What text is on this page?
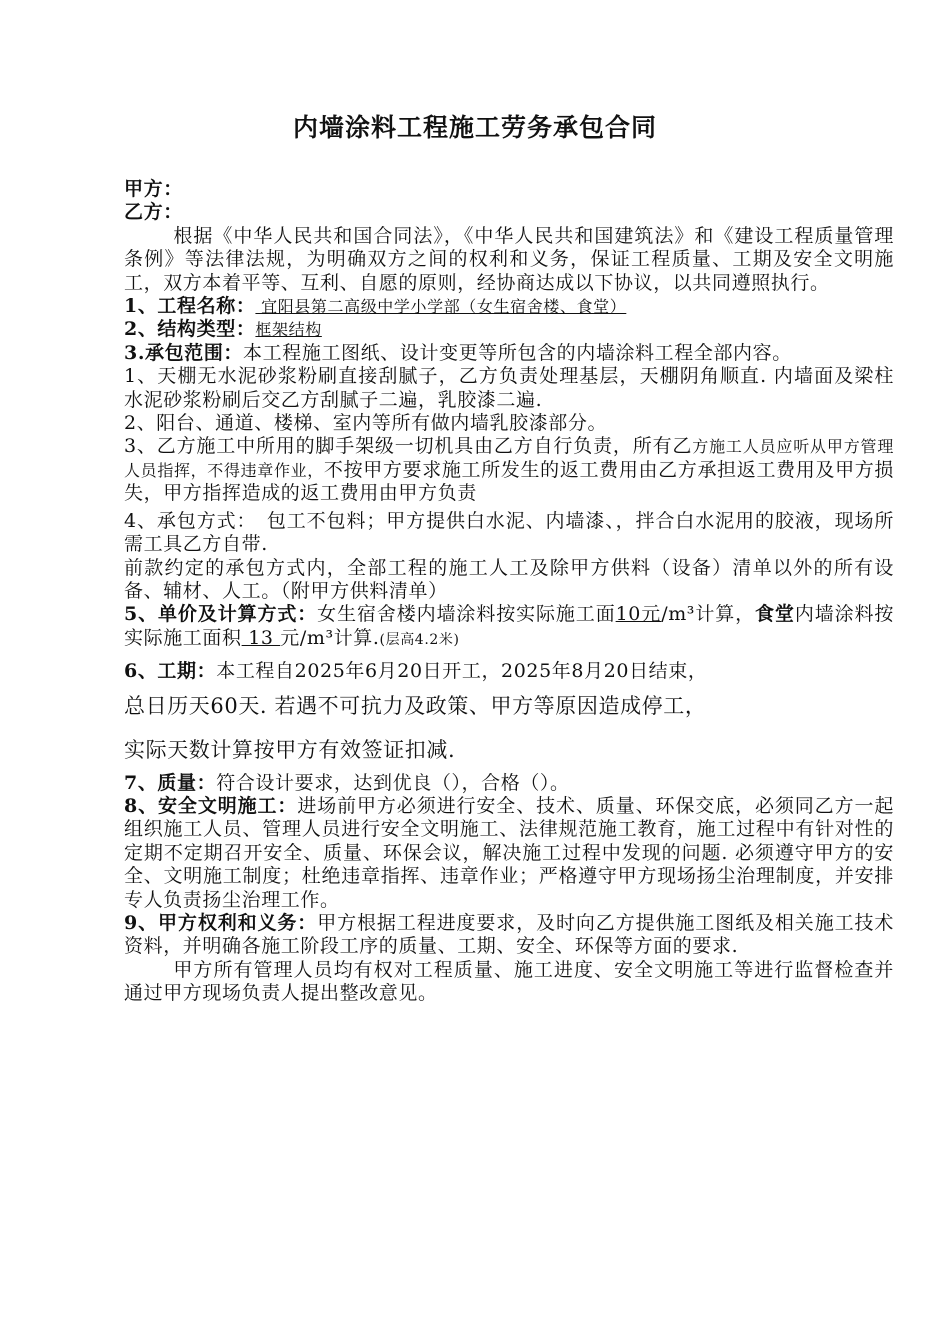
内墙涂料工程施工劳务承包合同

甲方：

乙方：

根据《中华人民共和国合同法》，《中华人民共和国建筑法》和《建设工程质量管理条例》等法律法规，为明确双方之间的权利和义务，保证工程质量、工期及安全文明施工，双方本着平等、互利、自愿的原则，经协商达成以下协议，以共同遵照执行。

1、工程名称： 宜阳县第二高级中学小学部（女生宿舍楼、食堂）

2、结构类型：框架结构

3.承包范围：本工程施工图纸、设计变更等所包含的内墙涂料工程全部内容。

1、天棚无水泥砂浆粉刷直接刮腻子，乙方负责处理基层，天棚阴角顺直. 内墙面及梁柱水泥砂浆粉刷后交乙方刮腻子二遍，乳胶漆二遍.

2、阳台、通道、楼梯、室内等所有做内墙乳胶漆部分。

3、乙方施工中所用的脚手架级一切机具由乙方自行负责，所有乙方施工人员应听从甲方管理人员指挥，不得违章作业，不按甲方要求施工所发生的返工费用由乙方承担返工费用及甲方损失，甲方指挥造成的返工费用由甲方负责

4、承包方式：　包工不包料；甲方提供白水泥、内墙漆、，拌合白水泥用的胶液，现场所需工具乙方自带.

前款约定的承包方式内，全部工程的施工人工及除甲方供料（设备）清单以外的所有设备、辅材、人工。（附甲方供料清单）

5、单价及计算方式：女生宿舍楼内墙涂料按实际施工面10元/m³计算，食堂内墙涂料按实际施工面积 13 元/m³计算.(层高4.2米)

6、工期：本工程自2025年6月20日开工，2025年8月20日结束，

总日历天60天. 若遇不可抗力及政策、甲方等原因造成停工，

实际天数计算按甲方有效签证扣减.

7、质量：符合设计要求，达到优良（），合格（）。

8、安全文明施工：进场前甲方必须进行安全、技术、质量、环保交底，必须同乙方一起组织施工人员、管理人员进行安全文明施工、法律规范施工教育，施工过程中有针对性的定期不定期召开安全、质量、环保会议，解决施工过程中发现的问题. 必须遵守甲方的安全、文明施工制度；杜绝违章指挥、违章作业；严格遵守甲方现场扬尘治理制度，并安排专人负责扬尘治理工作。

9、甲方权利和义务：甲方根据工程进度要求，及时向乙方提供施工图纸及相关施工技术资料，并明确各施工阶段工序的质量、工期、安全、环保等方面的要求.

甲方所有管理人员均有权对工程质量、施工进度、安全文明施工等进行监督检查并通过甲方现场负责人提出整改意见。
